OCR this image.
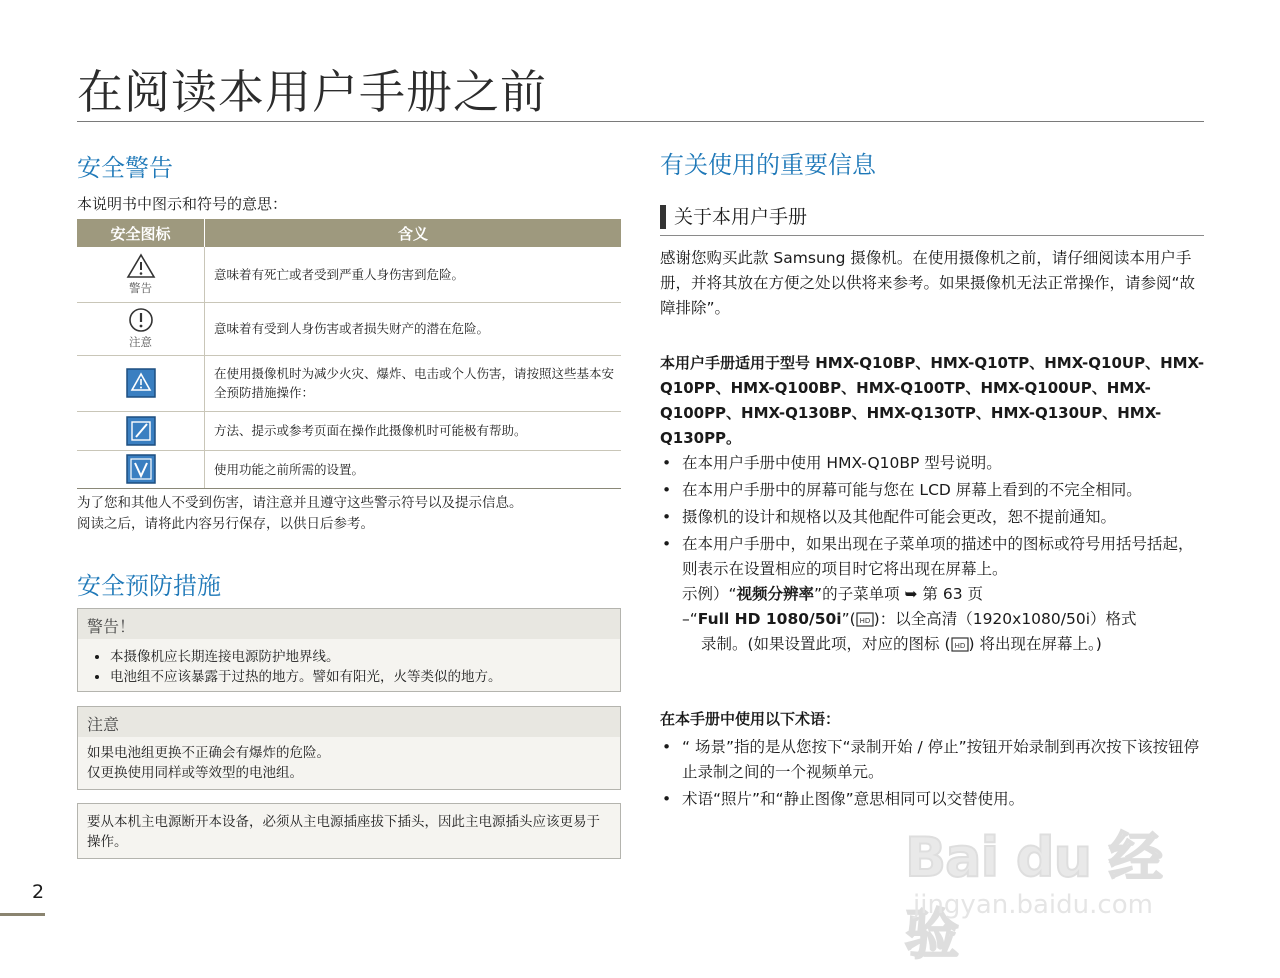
在阅读本用户手册之前
安全警告
本说明书中图示和符号的意思：
安全图标	含义

警告	意味着有死亡或者受到严重人身伤害到危险。

注意	意味着有受到人身伤害或者损失财产的潜在危险。

	在使用摄像机时为减少火灾、爆炸、电击或个人伤害，请按照这些基本安全预防措施操作：

	方法、提示或参考页面在操作此摄像机时可能极有帮助。

	使用功能之前所需的设置。
为了您和其他人不受到伤害，请注意并且遵守这些警示符号以及提示信息。
阅读之后，请将此内容另行保存，以供日后参考。
安全预防措施
警告！
• 本摄像机应长期连接电源防护地界线。
• 电池组不应该暴露于过热的地方。譬如有阳光，火等类似的地方。
注意
如果电池组更换不正确会有爆炸的危险。
仅更换使用同样或等效型的电池组。
要从本机主电源断开本设备，必须从主电源插座拔下插头，因此主电源插头应该更易于操作。
2
有关使用的重要信息
关于本用户手册
感谢您购买此款 Samsung 摄像机。在使用摄像机之前，请仔细阅读本用户手册，并将其放在方便之处以供将来参考。如果摄像机无法正常操作，请参阅“故障排除”。
本用户手册适用于型号 HMX-Q10BP、HMX-Q10TP、HMX-Q10UP、HMX-Q10PP、HMX-Q100BP、HMX-Q100TP、HMX-Q100UP、HMX-Q100PP、HMX-Q130BP、HMX-Q130TP、HMX-Q130UP、HMX-Q130PP。
• 在本用户手册中使用 HMX-Q10BP 型号说明。
• 在本用户手册中的屏幕可能与您在 LCD 屏幕上看到的不完全相同。
• 摄像机的设计和规格以及其他配件可能会更改，恕不提前通知。
• 在本用户手册中，如果出现在子菜单项的描述中的图标或符号用括号括起，则表示在设置相应的项目时它将出现在屏幕上。
示例）“视频分辨率”的子菜单项 ➥ 第 63 页
–“Full HD 1080/50i”( HD )：以全高清（1920x1080/50i）格式
录制。(如果设置此项，对应的图标 ( HD ) 将出现在屏幕上。)
在本手册中使用以下术语：
• “ 场景”指的是从您按下“录制开始 / 停止”按钮开始录制到再次按下该按钮停止录制之间的一个视频单元。
• 术语“照片”和“静止图像”意思相同可以交替使用。
Bai du 经验
jingyan.baidu.com
